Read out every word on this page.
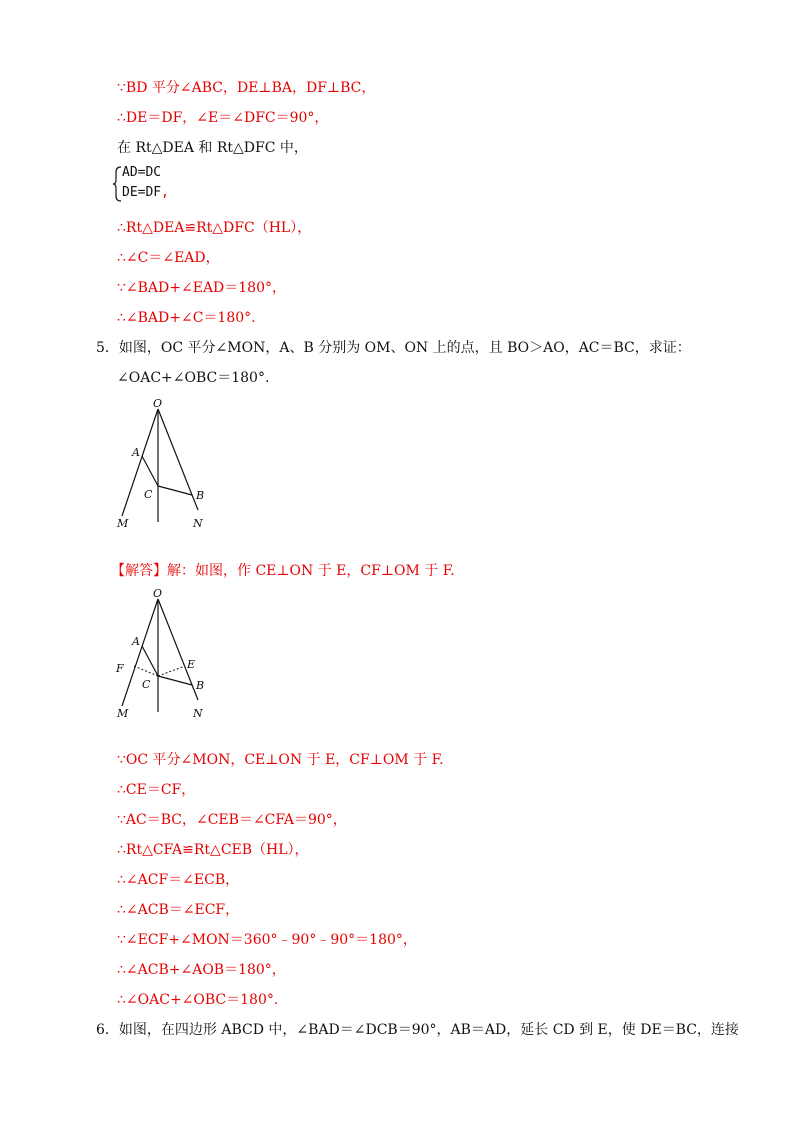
∵BD 平分∠ABC，DE⊥BA，DF⊥BC，
∴DE＝DF，∠E＝∠DFC＝90°，
在 Rt△DEA 和 Rt△DFC 中，
AD=DC
DE=DF,
∴Rt△DEA≌Rt△DFC（HL），
∴∠C＝∠EAD，
∵∠BAD+∠EAD＝180°，
∴∠BAD+∠C＝180°.
5．如图，OC 平分∠MON，A、B 分别为 OM、ON 上的点，且 BO＞AO，AC＝BC，求证：
∠OAC+∠OBC＝180°.
O
A
C	B
M	N
【解答】解：如图，作 CE⊥ON 于 E，CF⊥OM 于 F.
O
A
F	E
C	B
M	N
∵OC 平分∠MON，CE⊥ON 于 E，CF⊥OM 于 F.
∴CE＝CF，
∵AC＝BC，∠CEB＝∠CFA＝90°，
∴Rt△CFA≌Rt△CEB（HL），
∴∠ACF＝∠ECB，
∴∠ACB＝∠ECF，
∵∠ECF+∠MON＝360°﹣90°﹣90°＝180°，
∴∠ACB+∠AOB＝180°，
∴∠OAC+∠OBC＝180°.
6．如图，在四边形 ABCD 中，∠BAD＝∠DCB＝90°，AB＝AD，延长 CD 到 E，使 DE＝BC，连接
